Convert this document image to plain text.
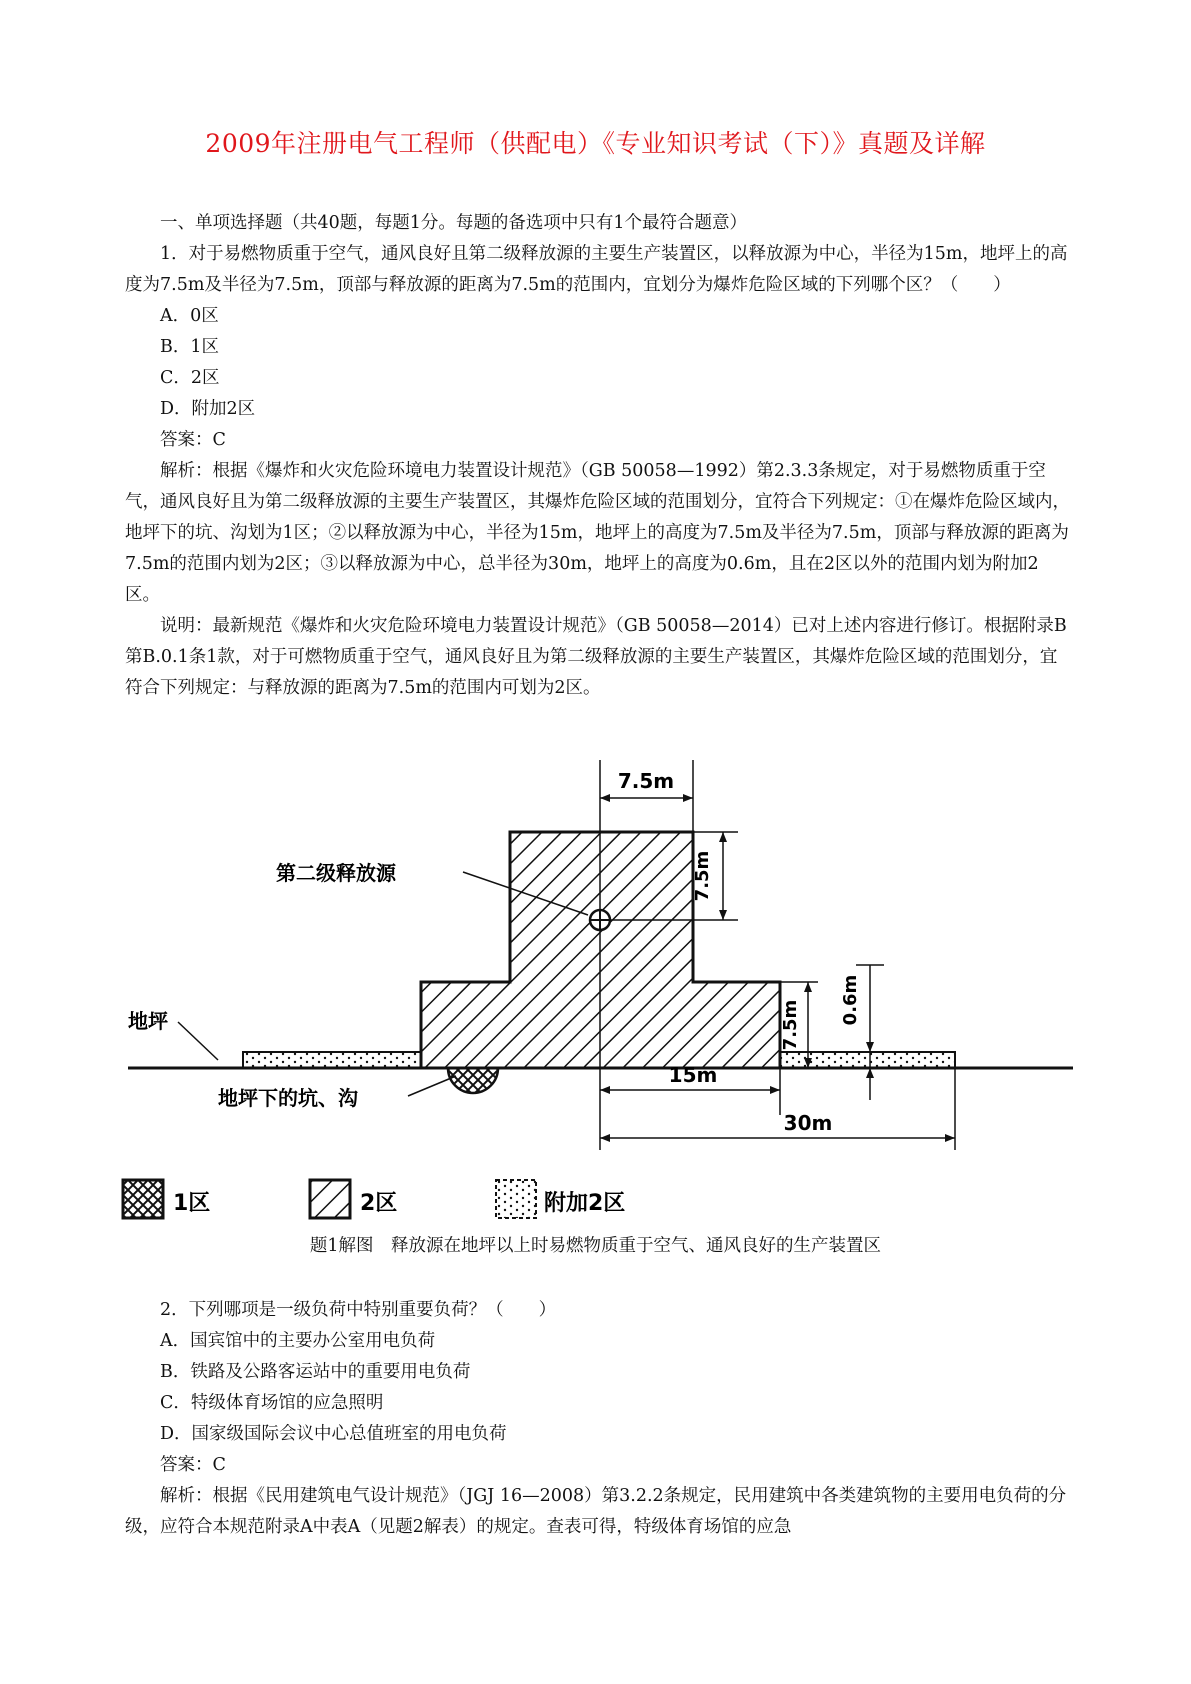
2009年注册电气工程师（供配电）《专业知识考试（下）》真题及详解

一、单项选择题（共40题，每题1分。每题的备选项中只有1个最符合题意）

1．对于易燃物质重于空气，通风良好且第二级释放源的主要生产装置区，以释放源为中心，半径为15m，地坪上的高度为7.5m及半径为7.5m，顶部与释放源的距离为7.5m的范围内，宜划分为爆炸危险区域的下列哪个区？（　　）

A．0区

B．1区

C．2区

D．附加2区

答案：C

解析：根据《爆炸和火灾危险环境电力装置设计规范》（GB 50058—1992）第2.3.3条规定，对于易燃物质重于空气，通风良好且为第二级释放源的主要生产装置区，其爆炸危险区域的范围划分，宜符合下列规定：①在爆炸危险区域内，地坪下的坑、沟划为1区；②以释放源为中心，半径为15m，地坪上的高度为7.5m及半径为7.5m，顶部与释放源的距离为7.5m的范围内划为2区；③以释放源为中心，总半径为30m，地坪上的高度为0.6m，且在2区以外的范围内划为附加2区。

说明：最新规范《爆炸和火灾危险环境电力装置设计规范》（GB 50058—2014）已对上述内容进行修订。根据附录B第B.0.1条1款，对于可燃物质重于空气，通风良好且为第二级释放源的主要生产装置区，其爆炸危险区域的范围划分，宜符合下列规定：与释放源的距离为7.5m的范围内可划为2区。

7.5m
7.5m
7.5m 0.6m
15m
30m
第二级释放源
地坪
地坪下的坑、沟
1区	2区	附加2区
题1解图　释放源在地坪以上时易燃物质重于空气、通风良好的生产装置区

2．下列哪项是一级负荷中特别重要负荷？（　　）

A．国宾馆中的主要办公室用电负荷

B．铁路及公路客运站中的重要用电负荷

C．特级体育场馆的应急照明

D．国家级国际会议中心总值班室的用电负荷

答案：C

解析：根据《民用建筑电气设计规范》（JGJ 16—2008）第3.2.2条规定，民用建筑中各类建筑物的主要用电负荷的分级，应符合本规范附录A中表A（见题2解表）的规定。查表可得，特级体育场馆的应急
